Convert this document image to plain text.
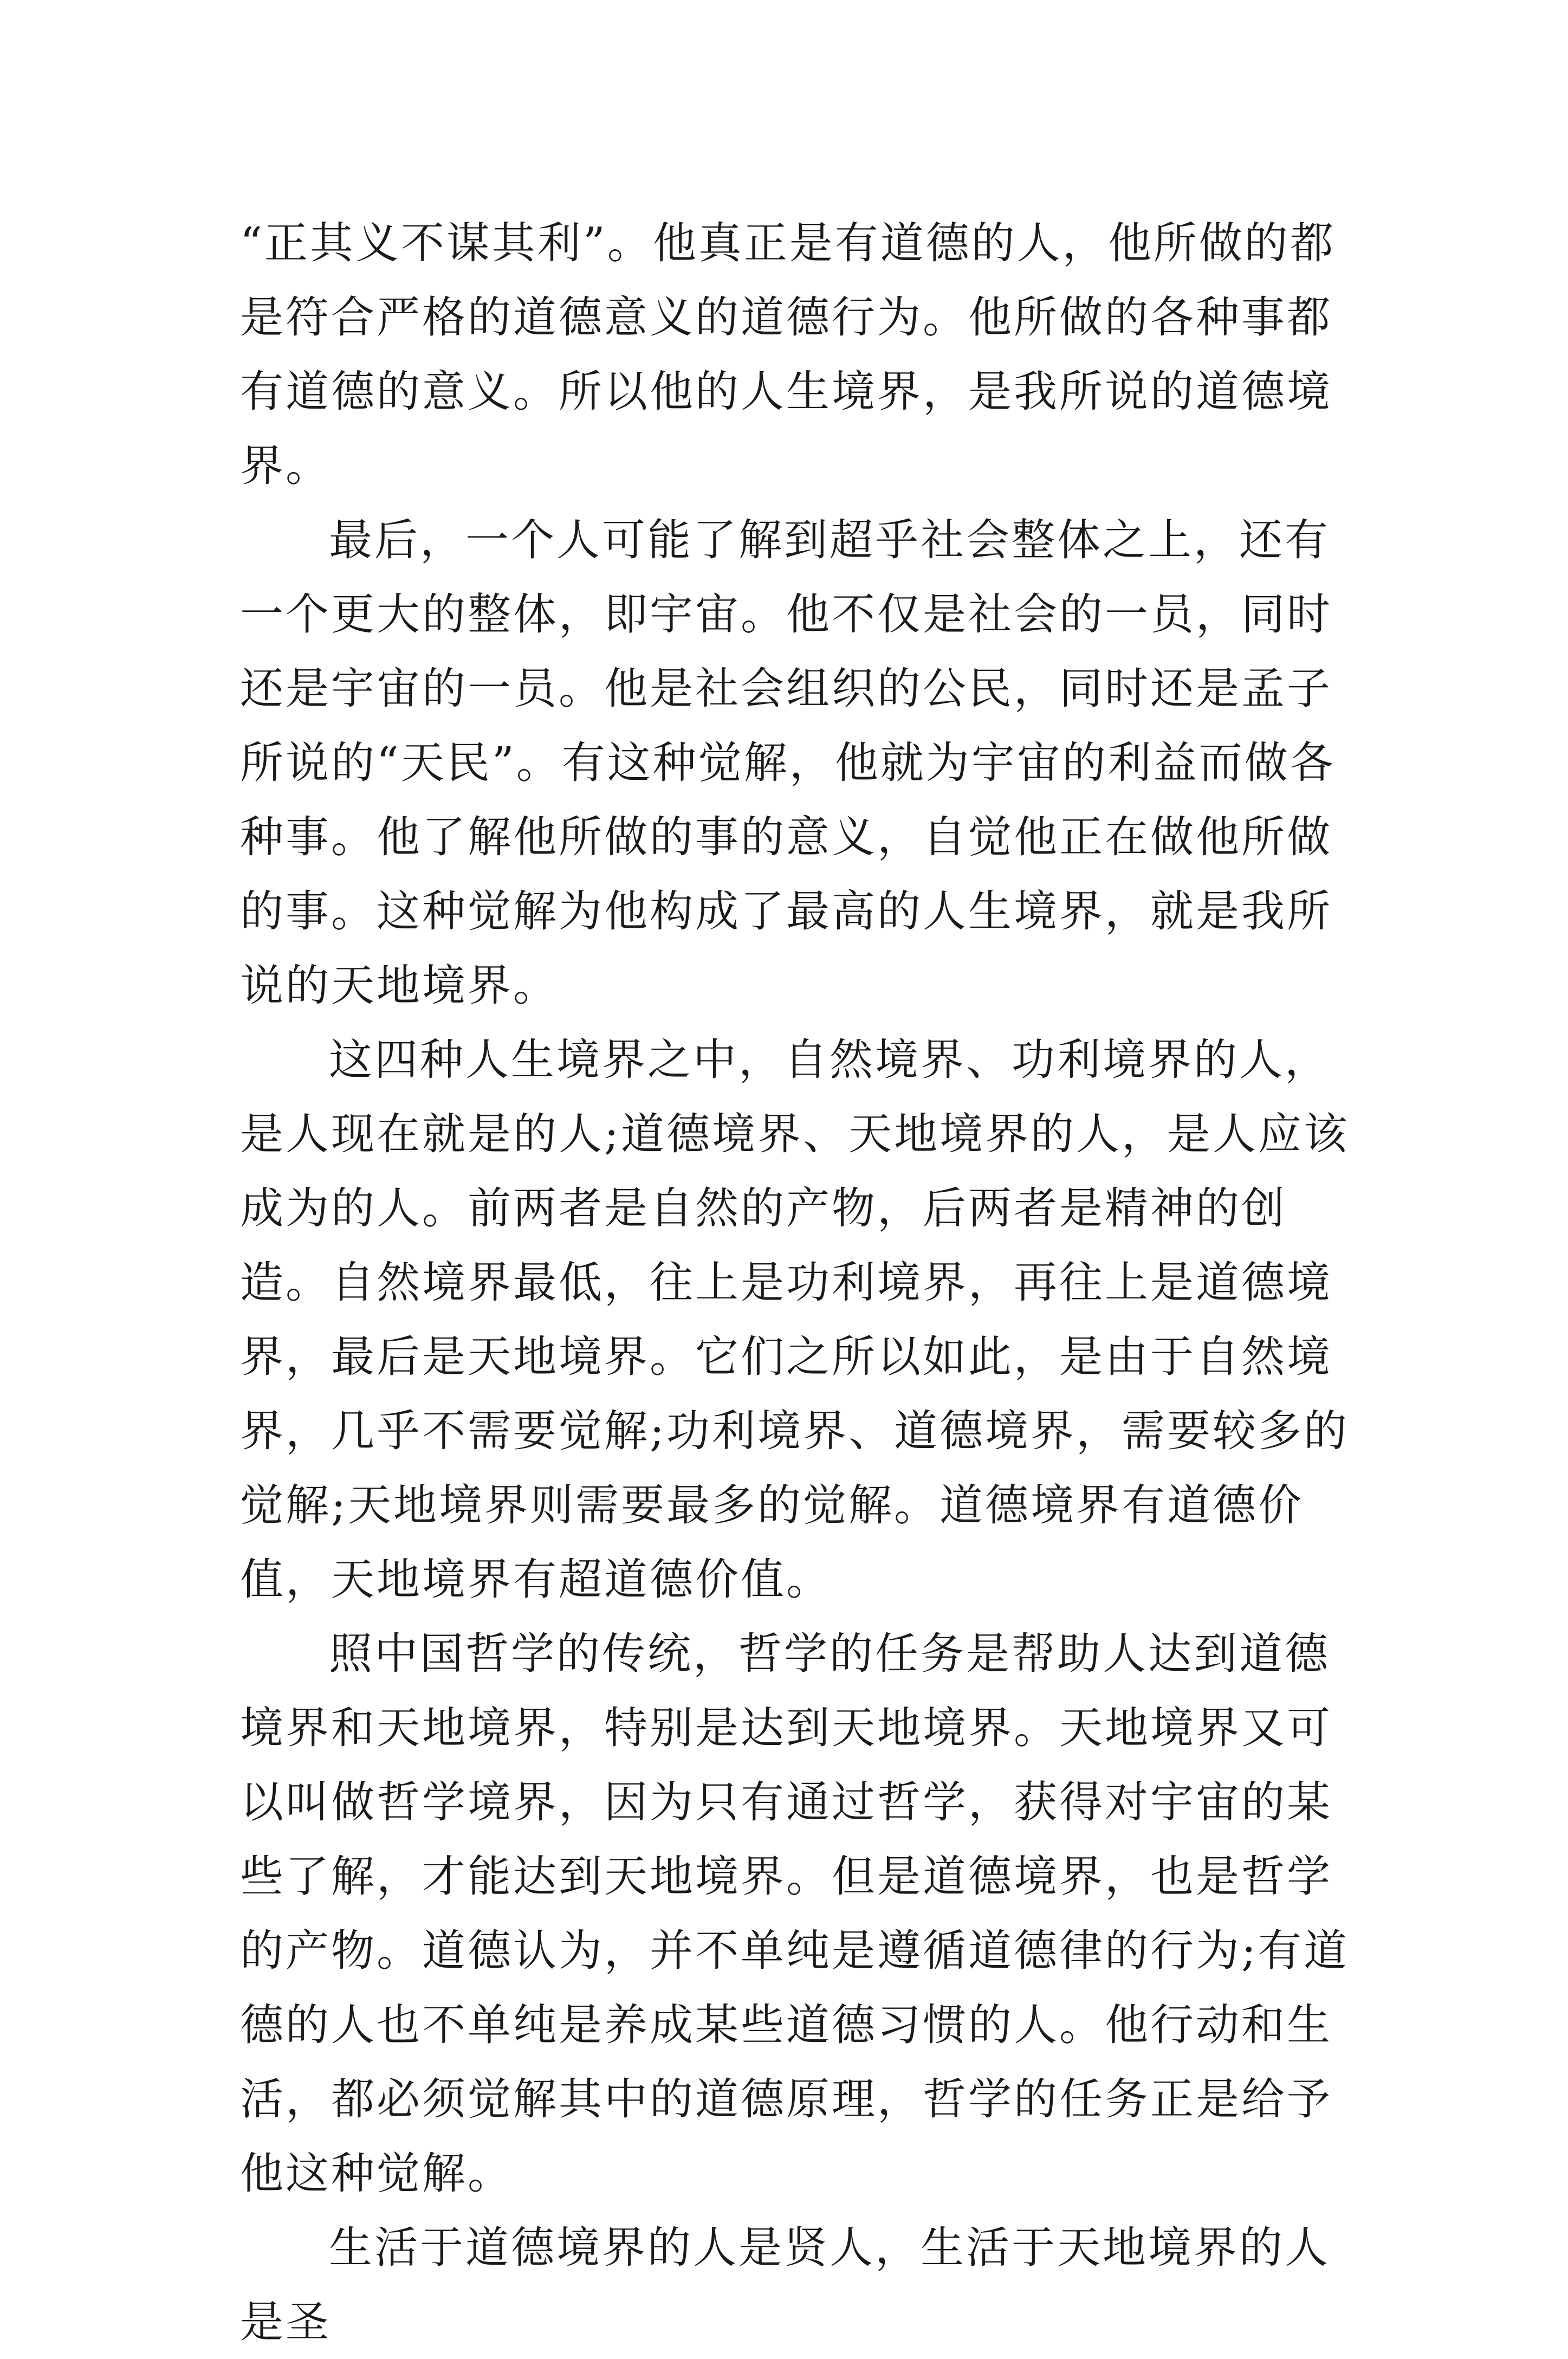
“正其义不谋其利”。他真正是有道德的人，他所做的都是符合严格的道德意义的道德行为。他所做的各种事都有道德的意义。所以他的人生境界，是我所说的道德境界。

最后，一个人可能了解到超乎社会整体之上，还有一个更大的整体，即宇宙。他不仅是社会的一员，同时还是宇宙的一员。他是社会组织的公民，同时还是孟子所说的“天民”。有这种觉解，他就为宇宙的利益而做各种事。他了解他所做的事的意义，自觉他正在做他所做的事。这种觉解为他构成了最高的人生境界，就是我所说的天地境界。

这四种人生境界之中，自然境界、功利境界的人，是人现在就是的人;道德境界、天地境界的人，是人应该成为的人。前两者是自然的产物，后两者是精神的创造。自然境界最低，往上是功利境界，再往上是道德境界，最后是天地境界。它们之所以如此，是由于自然境界，几乎不需要觉解;功利境界、道德境界，需要较多的觉解;天地境界则需要最多的觉解。道德境界有道德价值，天地境界有超道德价值。

照中国哲学的传统，哲学的任务是帮助人达到道德境界和天地境界，特别是达到天地境界。天地境界又可以叫做哲学境界，因为只有通过哲学，获得对宇宙的某些了解，才能达到天地境界。但是道德境界，也是哲学的产物。道德认为，并不单纯是遵循道德律的行为;有道德的人也不单纯是养成某些道德习惯的人。他行动和生活，都必须觉解其中的道德原理，哲学的任务正是给予他这种觉解。

生活于道德境界的人是贤人，生活于天地境界的人是圣
